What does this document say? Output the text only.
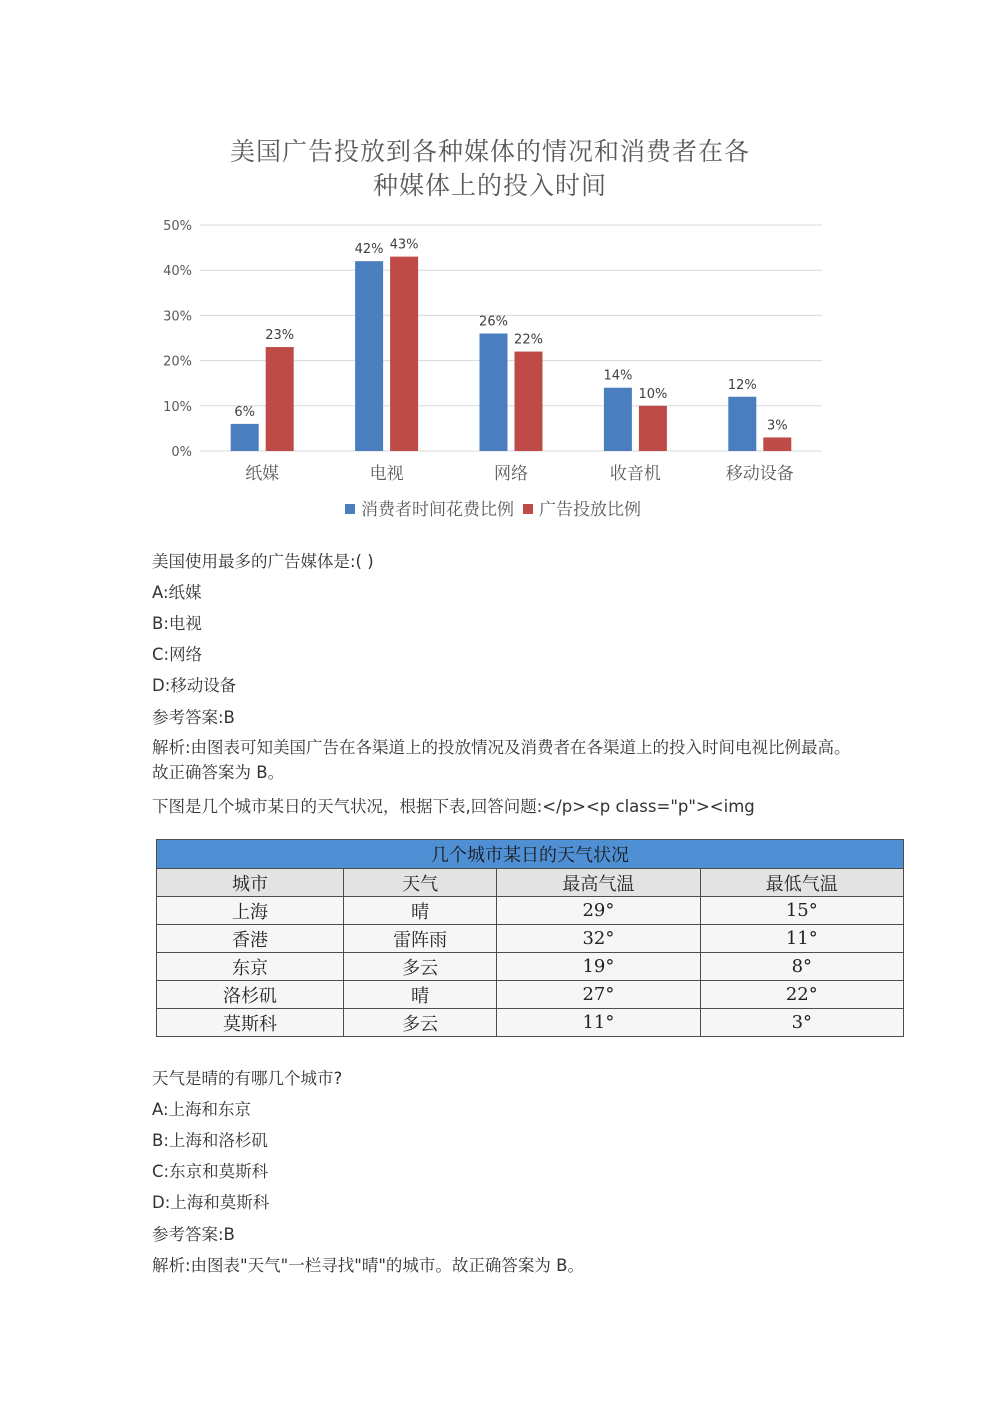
美国广告投放到各种媒体的情况和消费者在各
种媒体上的投入时间
0%
10%
20%
30%
40%
50%
6%
23%
纸媒
42% 43%
电视
26%
22%
网络
14%
10%
收音机
12%
3%
移动设备
消费者时间花费比例 广告投放比例
美国使用最多的广告媒体是:( )
A:纸媒
B:电视
C:网络
D:移动设备
参考答案:B
解析:由图表可知美国广告在各渠道上的投放情况及消费者在各渠道上的投入时间电视比例最高。故正确答案为 B。
下图是几个城市某日的天气状况，根据下表,回答问题:</p><p class="p"><img
几个城市某日的天气状况			
城市	天气	最高气温	最低气温
上海	晴	29°	15°
香港	雷阵雨	32°	11°
东京	多云	19°	8°
洛杉矶	晴	27°	22°
莫斯科	多云	11°	3°
天气是晴的有哪几个城市?
A:上海和东京
B:上海和洛杉矶
C:东京和莫斯科
D:上海和莫斯科
参考答案:B
解析:由图表"天气"一栏寻找"晴"的城市。故正确答案为 B。
